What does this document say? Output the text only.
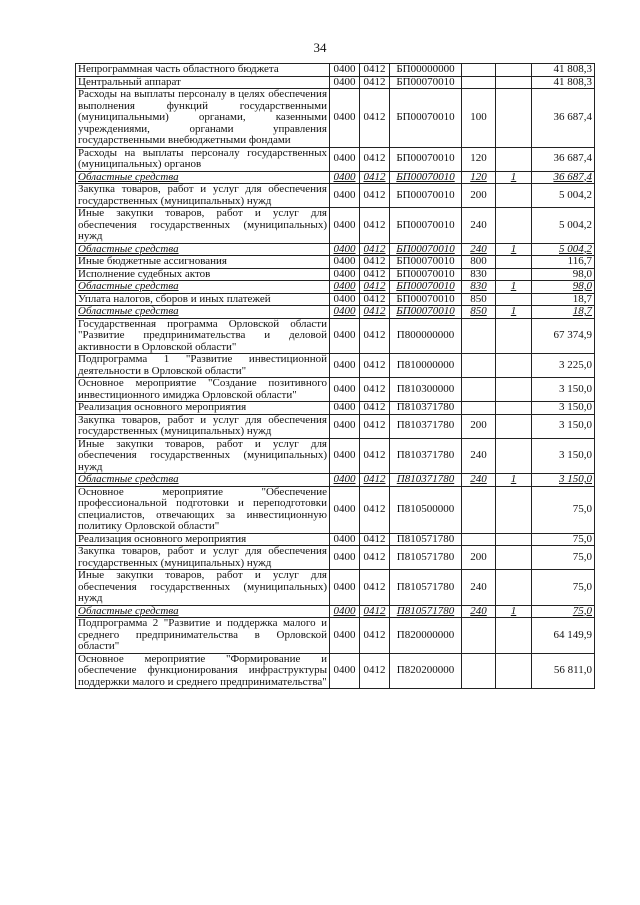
34
Непрограммная часть областного бюджета	0400	0412	БП00000000			41 808,3
Центральный аппарат	0400	0412	БП00070010			41 808,3
Расходы на выплаты персоналу в целях обеспечения выполнения функций государственными (муниципальными) органами, казенными учреждениями, органами управления государственными внебюджетными фондами	0400	0412	БП00070010	100		36 687,4
Расходы на выплаты персоналу государственных (муниципальных) органов	0400	0412	БП00070010	120		36 687,4
Областные средства	0400	0412	БП00070010	120	1	36 687,4
Закупка товаров, работ и услуг для обеспечения государственных (муниципальных) нужд	0400	0412	БП00070010	200		5 004,2
Иные закупки товаров, работ и услуг для обеспечения государственных (муниципальных) нужд	0400	0412	БП00070010	240		5 004,2
Областные средства	0400	0412	БП00070010	240	1	5 004,2
Иные бюджетные ассигнования	0400	0412	БП00070010	800		116,7
Исполнение судебных актов	0400	0412	БП00070010	830		98,0
Областные средства	0400	0412	БП00070010	830	1	98,0
Уплата налогов, сборов и иных платежей	0400	0412	БП00070010	850		18,7
Областные средства	0400	0412	БП00070010	850	1	18,7
Государственная программа Орловской области "Развитие предпринимательства и деловой активности в Орловской области"	0400	0412	П800000000			67 374,9
Подпрограмма 1 "Развитие инвестиционной деятельности в Орловской области"	0400	0412	П810000000			3 225,0
Основное мероприятие "Создание позитивного инвестиционного имиджа Орловской области"	0400	0412	П810300000			3 150,0
Реализация основного мероприятия	0400	0412	П810371780			3 150,0
Закупка товаров, работ и услуг для обеспечения государственных (муниципальных) нужд	0400	0412	П810371780	200		3 150,0
Иные закупки товаров, работ и услуг для обеспечения государственных (муниципальных) нужд	0400	0412	П810371780	240		3 150,0
Областные средства	0400	0412	П810371780	240	1	3 150,0
Основное мероприятие "Обеспечение профессиональной подготовки и переподготовки специалистов, отвечающих за инвестиционную политику Орловской области"	0400	0412	П810500000			75,0
Реализация основного мероприятия	0400	0412	П810571780			75,0
Закупка товаров, работ и услуг для обеспечения государственных (муниципальных) нужд	0400	0412	П810571780	200		75,0
Иные закупки товаров, работ и услуг для обеспечения государственных (муниципальных) нужд	0400	0412	П810571780	240		75,0
Областные средства	0400	0412	П810571780	240	1	75,0
Подпрограмма 2 "Развитие и поддержка малого и среднего предпринимательства в Орловской области"	0400	0412	П820000000			64 149,9
Основное мероприятие "Формирование и обеспечение функционирования инфраструктуры поддержки малого и среднего предпринимательства"	0400	0412	П820200000			56 811,0
